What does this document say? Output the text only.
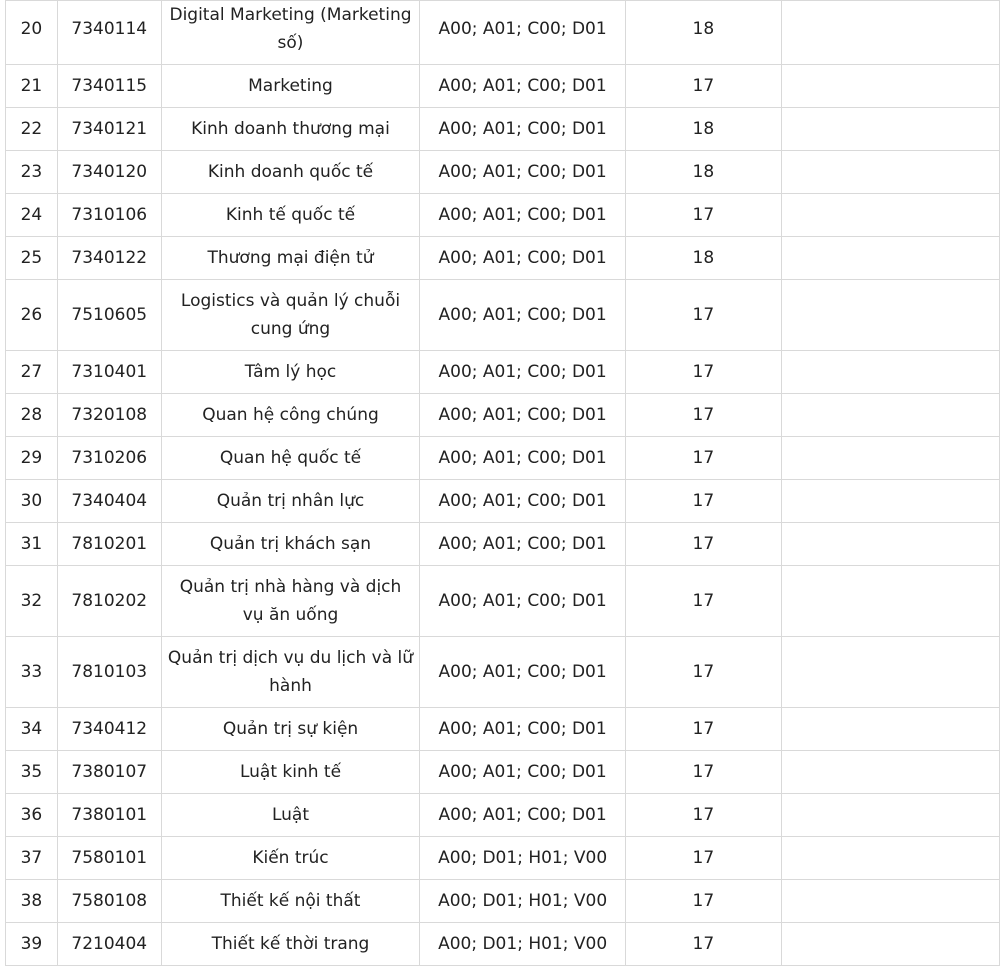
20	7340114	Digital Marketing (Marketing số)	A00; A01; C00; D01	18	
21	7340115	Marketing	A00; A01; C00; D01	17	
22	7340121	Kinh doanh thương mại	A00; A01; C00; D01	18	
23	7340120	Kinh doanh quốc tế	A00; A01; C00; D01	18	
24	7310106	Kinh tế quốc tế	A00; A01; C00; D01	17	
25	7340122	Thương mại điện tử	A00; A01; C00; D01	18	
26	7510605	Logistics và quản lý chuỗi cung ứng	A00; A01; C00; D01	17	
27	7310401	Tâm lý học	A00; A01; C00; D01	17	
28	7320108	Quan hệ công chúng	A00; A01; C00; D01	17	
29	7310206	Quan hệ quốc tế	A00; A01; C00; D01	17	
30	7340404	Quản trị nhân lực	A00; A01; C00; D01	17	
31	7810201	Quản trị khách sạn	A00; A01; C00; D01	17	
32	7810202	Quản trị nhà hàng và dịch vụ ăn uống	A00; A01; C00; D01	17	
33	7810103	Quản trị dịch vụ du lịch và lữ hành	A00; A01; C00; D01	17	
34	7340412	Quản trị sự kiện	A00; A01; C00; D01	17	
35	7380107	Luật kinh tế	A00; A01; C00; D01	17	
36	7380101	Luật	A00; A01; C00; D01	17	
37	7580101	Kiến trúc	A00; D01; H01; V00	17	
38	7580108	Thiết kế nội thất	A00; D01; H01; V00	17	
39	7210404	Thiết kế thời trang	A00; D01; H01; V00	17	
